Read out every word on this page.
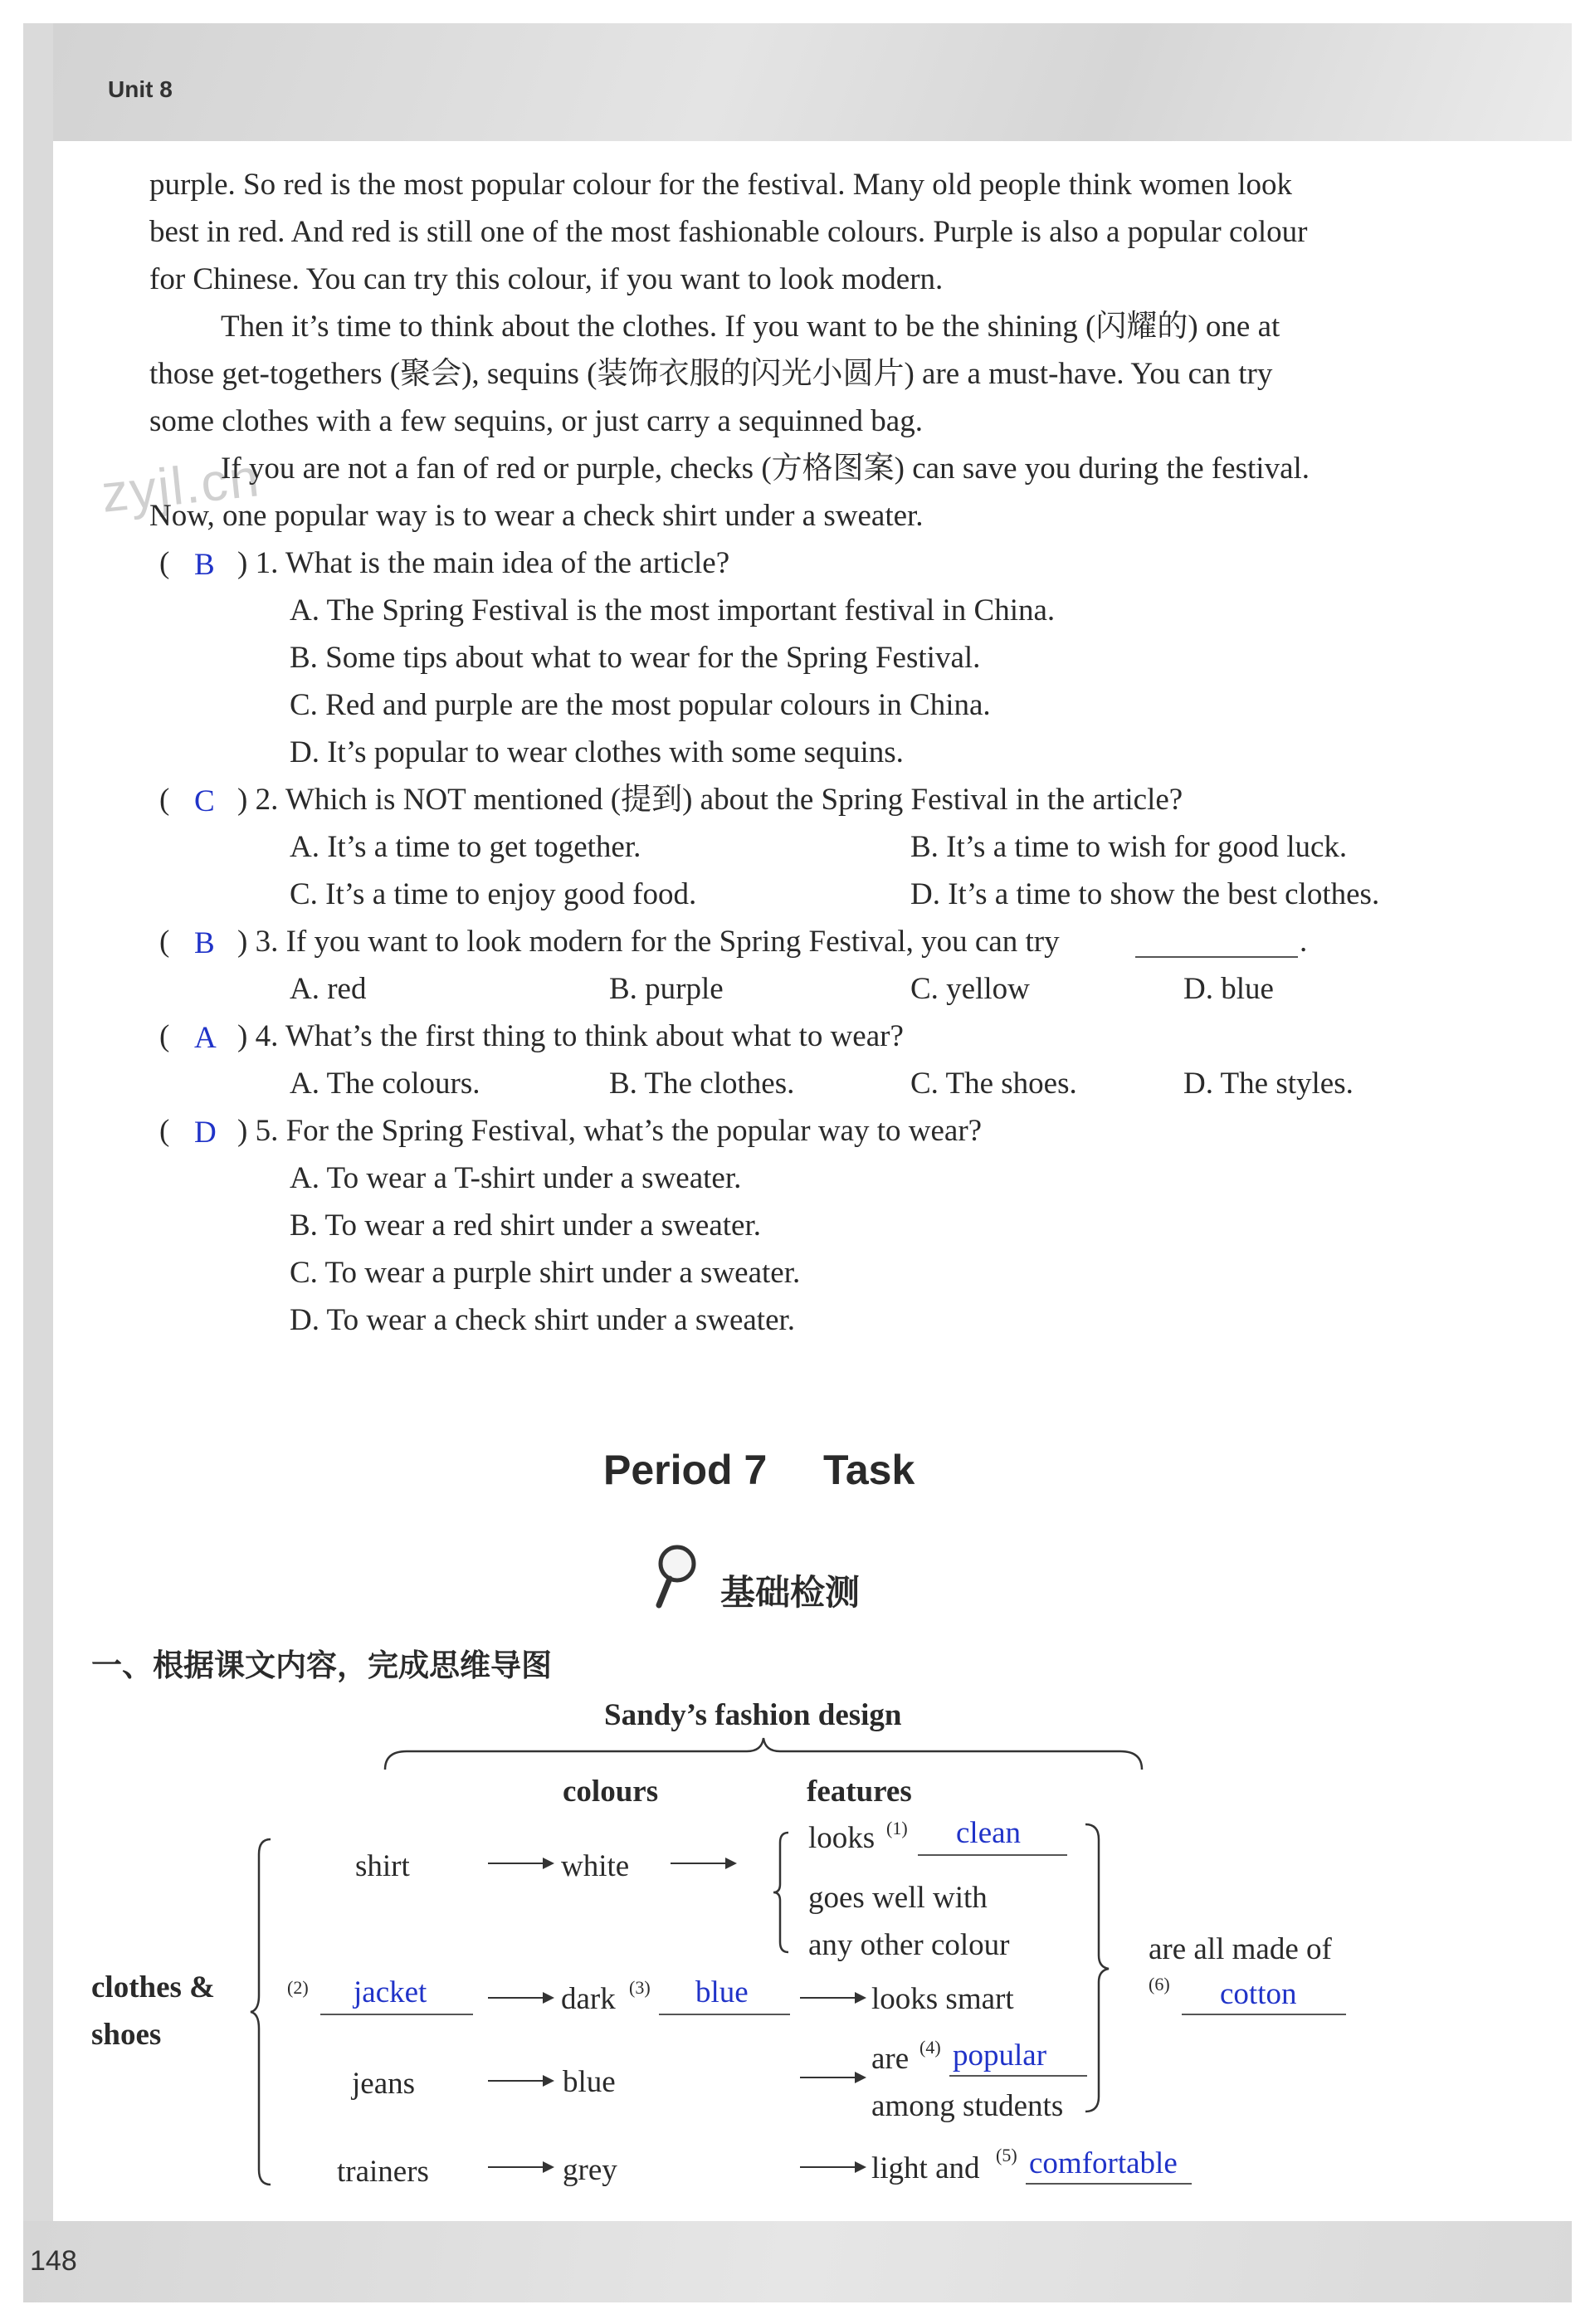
Unit 8
148
zyjl.cn
purple. So red is the most popular colour for the festival. Many old people think women look
best in red. And red is still one of the most fashionable colours. Purple is also a popular colour
for Chinese. You can try this colour, if you want to look modern.
Then it’s time to think about the clothes. If you want to be the shining (闪耀的) one at
those get-togethers (聚会), sequins (装饰衣服的闪光小圆片) are a must-have. You can try
some clothes with a few sequins, or just carry a sequinned bag.
If you are not a fan of red or purple, checks (方格图案) can save you during the festival.
Now, one popular way is to wear a check shirt under a sweater.
( B ) 1. What is the main idea of the article?
A. The Spring Festival is the most important festival in China.
B. Some tips about what to wear for the Spring Festival.
C. Red and purple are the most popular colours in China.
D. It’s popular to wear clothes with some sequins.
( C ) 2. Which is NOT mentioned (提到) about the Spring Festival in the article?
A. It’s a time to get together.	B. It’s a time to wish for good luck.
C. It’s a time to enjoy good food.	D. It’s a time to show the best clothes.
( B ) 3. If you want to look modern for the Spring Festival, you can try	.
A. red	B. purple	C. yellow	D. blue
( A ) 4. What’s the first thing to think about what to wear?
A. The colours.	B. The clothes.	C. The shoes.	D. The styles.
( D ) 5. For the Spring Festival, what’s the popular way to wear?
A. To wear a T-shirt under a sweater.
B. To wear a red shirt under a sweater.
C. To wear a purple shirt under a sweater.
D. To wear a check shirt under a sweater.
Period 7 Task
基础检测
一、根据课文内容，完成思维导图
Sandy’s fashion design
colours	features
clothes &
shoes
shirt	white
looks (1) clean
goes well with
any other colour
(2) jacket	dark (3) blue	looks smart
jeans	blue
are (4) popular
among students
are all made of
(6) cotton
trainers	grey	light and (5) comfortable
